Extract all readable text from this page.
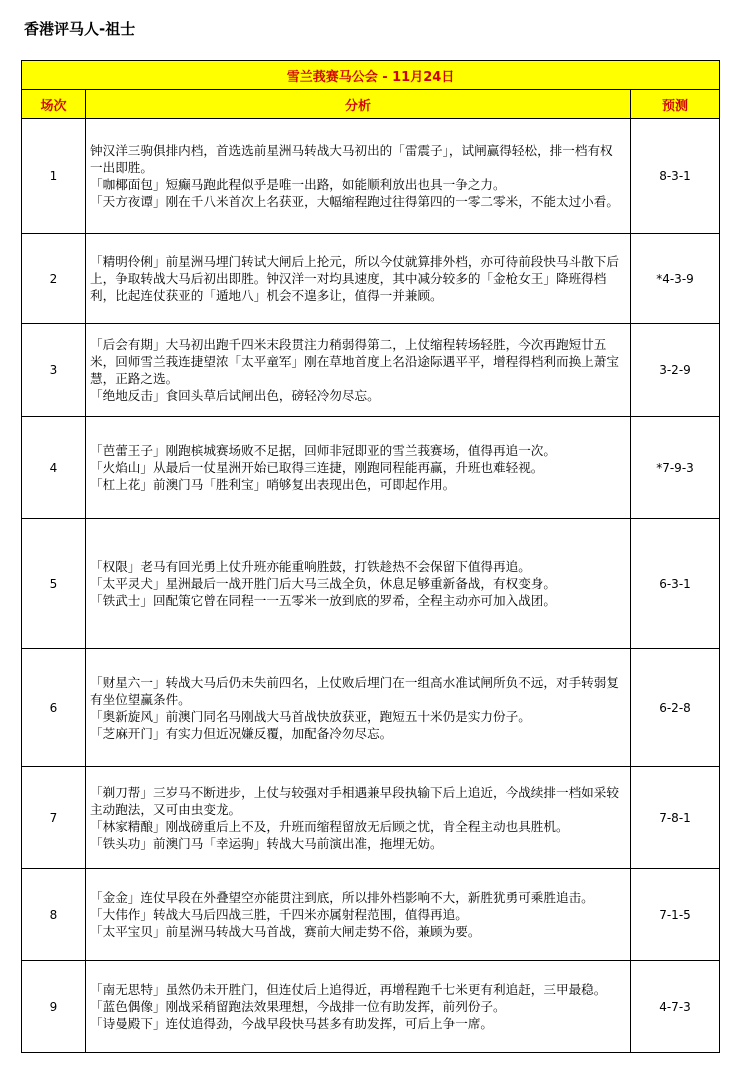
香港评马人-祖士
雪兰莪赛马公会 - 11月24日		
场次	分析	预测
1	钟汉洋三驹俱排内档，首选选前星洲马转战大马初出的「雷震子」，试闸赢得轻松，排一档有权一出即胜。

「咖椰面包」短癫马跑此程似乎是唯一出路，如能顺利放出也具一争之力。

「天方夜谭」刚在千八米首次上名获亚，大幅缩程跑过往得第四的一零二零米，不能太过小看。	8-3-1
2	「精明伶俐」前星洲马埋门转试大闸后上抡元，所以今仗就算排外档，亦可待前段快马斗散下后上，争取转战大马后初出即胜。钟汉洋一对均具速度，其中减分较多的「金枪女王」降班得档利，比起连仗获亚的「遁地八」机会不遑多让，值得一并兼顾。	*4-3-9
3	「后会有期」大马初出跑千四米末段贯注力稍弱得第二，上仗缩程转场轻胜，今次再跑短廿五米，回师雪兰莪连捷望浓「太平童军」刚在草地首度上名沿途际遇平平，增程得档利而换上萧宝慧，正路之选。

「绝地反击」食回头草后试闸出色，磅轻冷勿尽忘。	3-2-9
4	「芭蕾王子」刚跑槟城赛场败不足据，回师非冠即亚的雪兰莪赛场，值得再追一次。

「火焰山」从最后一仗星洲开始已取得三连捷，刚跑同程能再赢，升班也难轻视。

「杠上花」前澳门马「胜利宝」哨够复出表现出色，可即起作用。	*7-9-3
5	「权限」老马有回光勇上仗升班亦能重响胜鼓，打铁趁热不会保留下值得再追。

「太平灵犬」星洲最后一战开胜门后大马三战全负，休息足够重新备战，有权变身。

「铁武士」回配策它曾在同程一一五零米一放到底的罗希，全程主动亦可加入战团。	6-3-1
6	「财星六一」转战大马后仍未失前四名，上仗败后埋门在一组高水准试闸所负不远，对手转弱复有坐位望赢条件。

「奥新旋风」前澳门同名马刚战大马首战快放获亚，跑短五十米仍是实力份子。

「芝麻开门」有实力但近况嫌反覆，加配备冷勿尽忘。	6-2-8
7	「剃刀帮」三岁马不断进步，上仗与较强对手相遇兼早段执输下后上追近，今战续排一档如采较主动跑法，又可由虫变龙。

「林家精酿」刚战磅重后上不及，升班而缩程留放无后顾之忧，肯全程主动也具胜机。

「铁头功」前澳门马「幸运驹」转战大马前演出准，拖埋无妨。	7-8-1
8	「金金」连仗早段在外叠望空亦能贯注到底，所以排外档影响不大，新胜犹勇可乘胜追击。

「大伟作」转战大马后四战三胜，千四米亦属射程范围，值得再追。

「太平宝贝」前星洲马转战大马首战，赛前大闸走势不俗，兼顾为要。	7-1-5
9	「南无思特」虽然仍未开胜门，但连仗后上追得近，再增程跑千七米更有利追赶，三甲最稳。

「蓝色偶像」刚战采稍留跑法效果理想，今战排一位有助发挥，前列份子。

「诗曼殿下」连仗追得劲，今战早段快马甚多有助发挥，可后上争一席。	4-7-3
